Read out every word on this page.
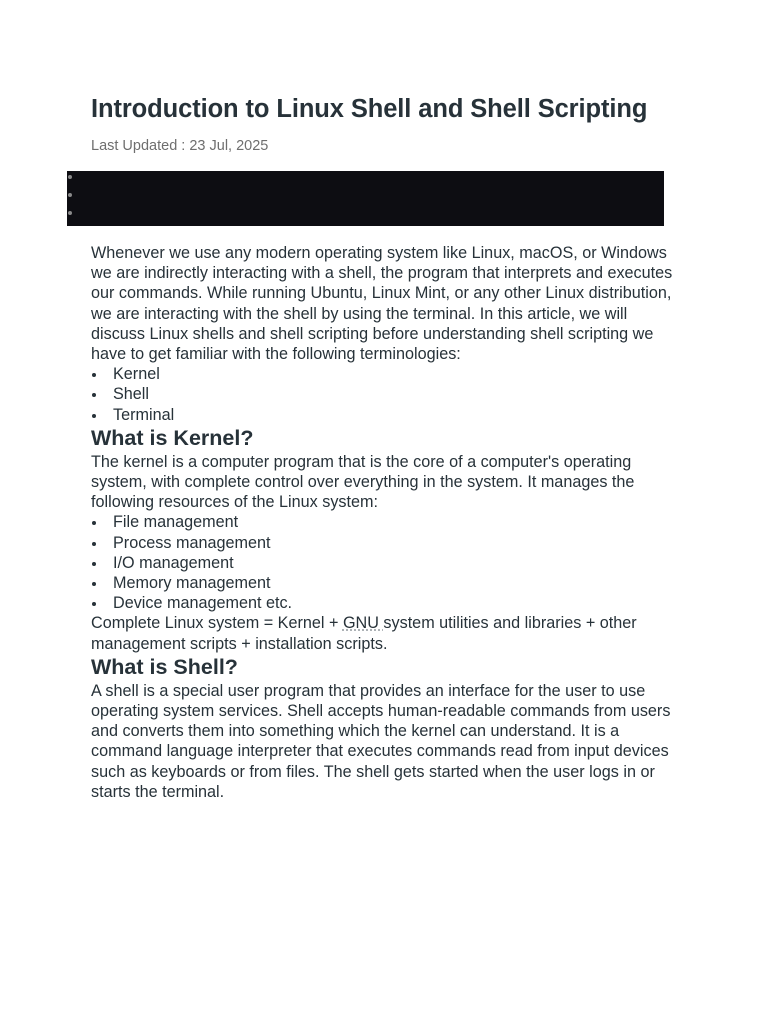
Introduction to Linux Shell and Shell Scripting
Last Updated : 23 Jul, 2025

Whenever we use any modern operating system like Linux, macOS, or Windows we are indirectly interacting with a shell, the program that interprets and executes our commands. While running Ubuntu, Linux Mint, or any other Linux distribution, we are interacting with the shell by using the terminal. In this article, we will discuss Linux shells and shell scripting before understanding shell scripting we have to get familiar with the following terminologies:

Kernel
Shell
Terminal
What is Kernel?

The kernel is a computer program that is the core of a computer's operating system, with complete control over everything in the system. It manages the following resources of the Linux system:

File management
Process management
I/O management
Memory management
Device management etc.

Complete Linux system = Kernel + GNU system utilities and libraries + other management scripts + installation scripts.

What is Shell?

A shell is a special user program that provides an interface for the user to use operating system services. Shell accepts human-readable commands from users and converts them into something which the kernel can understand. It is a command language interpreter that executes commands read from input devices such as keyboards or from files. The shell gets started when the user logs in or starts the terminal.
